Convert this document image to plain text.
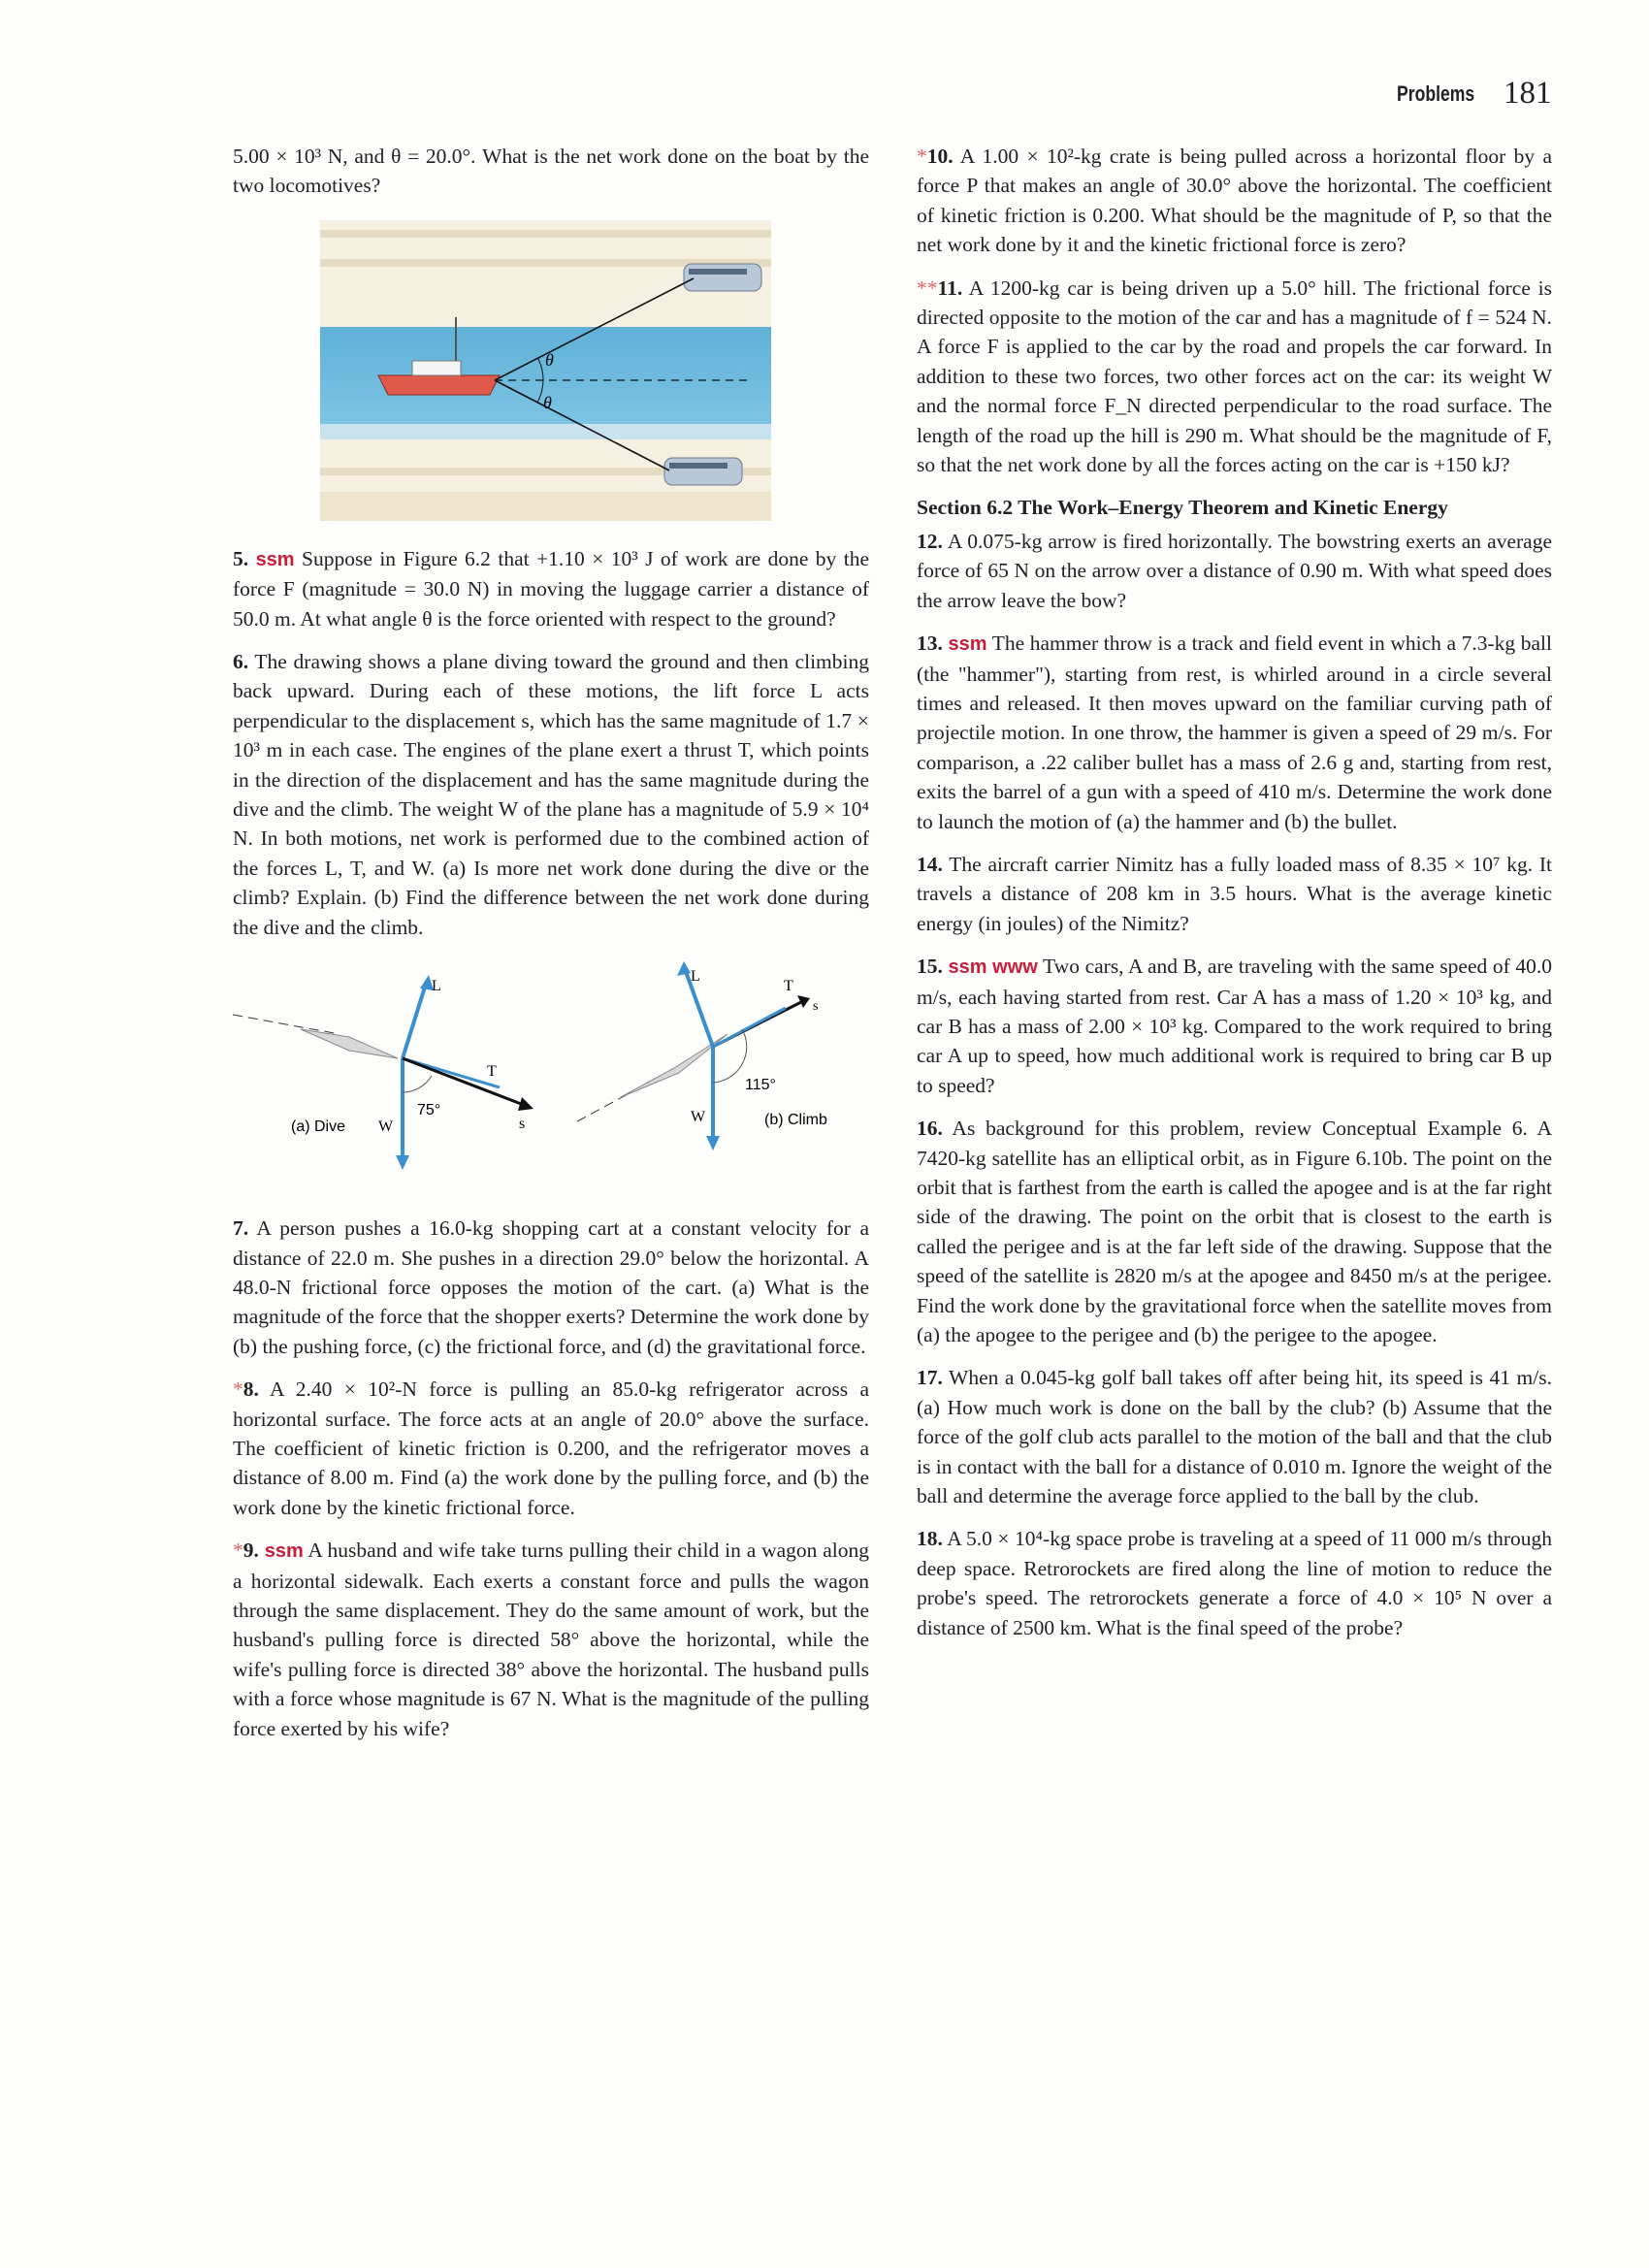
Problems 181

5.00 × 10³ N, and θ = 20.0°. What is the net work done on the boat by the two locomotives?

θ
θ

5. ssm Suppose in Figure 6.2 that +1.10 × 10³ J of work are done by the force F (magnitude = 30.0 N) in moving the luggage carrier a distance of 50.0 m. At what angle θ is the force oriented with respect to the ground?

6. The drawing shows a plane diving toward the ground and then climbing back upward. During each of these motions, the lift force L acts perpendicular to the displacement s, which has the same magnitude of 1.7 × 10³ m in each case. The engines of the plane exert a thrust T, which points in the direction of the displacement and has the same magnitude during the dive and the climb. The weight W of the plane has a magnitude of 5.9 × 10⁴ N. In both motions, net work is performed due to the combined action of the forces L, T, and W. (a) Is more net work done during the dive or the climb? Explain. (b) Find the difference between the net work done during the dive and the climb.

L
T
s
W
75°
(a) Dive
L
T
s
W
115°
(b) Climb

7. A person pushes a 16.0-kg shopping cart at a constant velocity for a distance of 22.0 m. She pushes in a direction 29.0° below the horizontal. A 48.0-N frictional force opposes the motion of the cart. (a) What is the magnitude of the force that the shopper exerts? Determine the work done by (b) the pushing force, (c) the frictional force, and (d) the gravitational force.

*8. A 2.40 × 10²-N force is pulling an 85.0-kg refrigerator across a horizontal surface. The force acts at an angle of 20.0° above the surface. The coefficient of kinetic friction is 0.200, and the refrigerator moves a distance of 8.00 m. Find (a) the work done by the pulling force, and (b) the work done by the kinetic frictional force.

*9. ssm A husband and wife take turns pulling their child in a wagon along a horizontal sidewalk. Each exerts a constant force and pulls the wagon through the same displacement. They do the same amount of work, but the husband's pulling force is directed 58° above the horizontal, while the wife's pulling force is directed 38° above the horizontal. The husband pulls with a force whose magnitude is 67 N. What is the magnitude of the pulling force exerted by his wife?

*10. A 1.00 × 10²-kg crate is being pulled across a horizontal floor by a force P that makes an angle of 30.0° above the horizontal. The coefficient of kinetic friction is 0.200. What should be the magnitude of P, so that the net work done by it and the kinetic frictional force is zero?

**11. A 1200-kg car is being driven up a 5.0° hill. The frictional force is directed opposite to the motion of the car and has a magnitude of f = 524 N. A force F is applied to the car by the road and propels the car forward. In addition to these two forces, two other forces act on the car: its weight W and the normal force F_N directed perpendicular to the road surface. The length of the road up the hill is 290 m. What should be the magnitude of F, so that the net work done by all the forces acting on the car is +150 kJ?

Section 6.2 The Work–Energy Theorem and Kinetic Energy

12. A 0.075-kg arrow is fired horizontally. The bowstring exerts an average force of 65 N on the arrow over a distance of 0.90 m. With what speed does the arrow leave the bow?

13. ssm The hammer throw is a track and field event in which a 7.3-kg ball (the "hammer"), starting from rest, is whirled around in a circle several times and released. It then moves upward on the familiar curving path of projectile motion. In one throw, the hammer is given a speed of 29 m/s. For comparison, a .22 caliber bullet has a mass of 2.6 g and, starting from rest, exits the barrel of a gun with a speed of 410 m/s. Determine the work done to launch the motion of (a) the hammer and (b) the bullet.

14. The aircraft carrier Nimitz has a fully loaded mass of 8.35 × 10⁷ kg. It travels a distance of 208 km in 3.5 hours. What is the average kinetic energy (in joules) of the Nimitz?

15. ssm www Two cars, A and B, are traveling with the same speed of 40.0 m/s, each having started from rest. Car A has a mass of 1.20 × 10³ kg, and car B has a mass of 2.00 × 10³ kg. Compared to the work required to bring car A up to speed, how much additional work is required to bring car B up to speed?

16. As background for this problem, review Conceptual Example 6. A 7420-kg satellite has an elliptical orbit, as in Figure 6.10b. The point on the orbit that is farthest from the earth is called the apogee and is at the far right side of the drawing. The point on the orbit that is closest to the earth is called the perigee and is at the far left side of the drawing. Suppose that the speed of the satellite is 2820 m/s at the apogee and 8450 m/s at the perigee. Find the work done by the gravitational force when the satellite moves from (a) the apogee to the perigee and (b) the perigee to the apogee.

17. When a 0.045-kg golf ball takes off after being hit, its speed is 41 m/s. (a) How much work is done on the ball by the club? (b) Assume that the force of the golf club acts parallel to the motion of the ball and that the club is in contact with the ball for a distance of 0.010 m. Ignore the weight of the ball and determine the average force applied to the ball by the club.

18. A 5.0 × 10⁴-kg space probe is traveling at a speed of 11 000 m/s through deep space. Retrorockets are fired along the line of motion to reduce the probe's speed. The retrorockets generate a force of 4.0 × 10⁵ N over a distance of 2500 km. What is the final speed of the probe?
